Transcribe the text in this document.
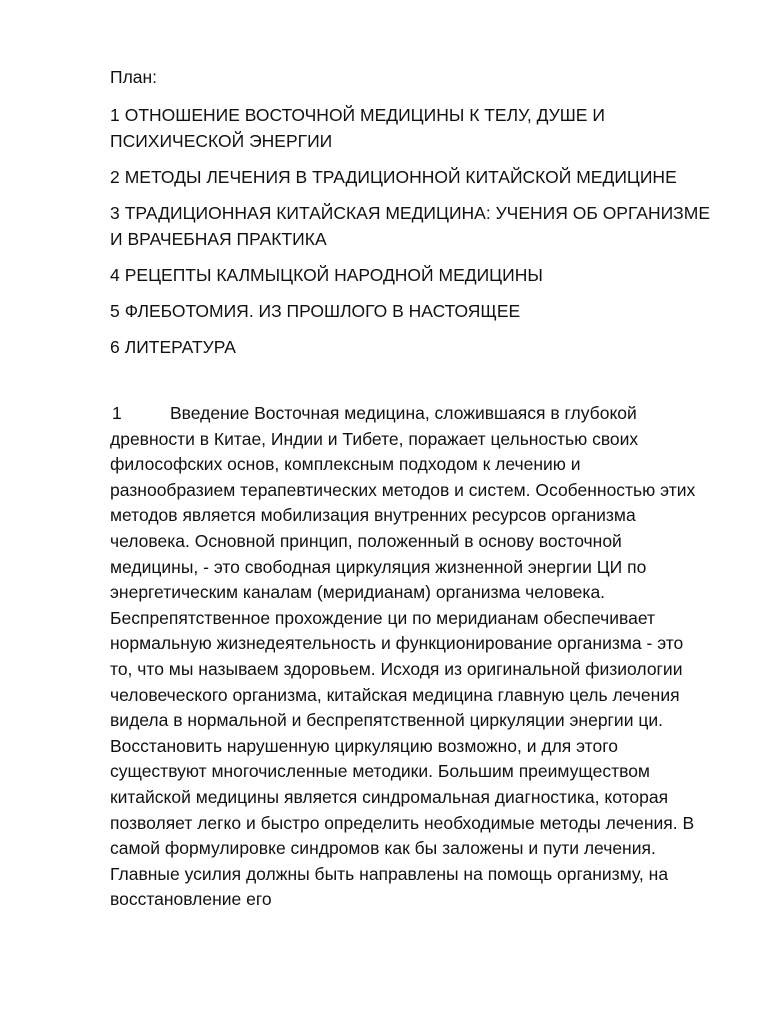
План:

1 ОТНОШЕНИЕ ВОСТОЧНОЙ МЕДИЦИНЫ К ТЕЛУ, ДУШЕ И ПСИХИЧЕСКОЙ ЭНЕРГИИ
2 МЕТОДЫ ЛЕЧЕНИЯ В ТРАДИЦИОННОЙ КИТАЙСКОЙ МЕДИЦИНЕ
3 ТРАДИЦИОННАЯ КИТАЙСКАЯ МЕДИЦИНА: УЧЕНИЯ ОБ ОРГАНИЗМЕ И ВРАЧЕБНАЯ ПРАКТИКА
4 РЕЦЕПТЫ КАЛМЫЦКОЙ НАРОДНОЙ МЕДИЦИНЫ
5 ФЛЕБОТОМИЯ. ИЗ ПРОШЛОГО В НАСТОЯЩЕЕ
6 ЛИТЕРАТУРА

1	Введение Восточная медицина, сложившаяся в глубокой древности в Китае, Индии и Тибете, поражает цельностью своих философских основ, комплексным подходом к лечению и разнообразием терапевтических методов и систем. Особенностью этих методов является мобилизация внутренних ресурсов организма человека. Основной принцип, положенный в основу восточной медицины, - это свободная циркуляция жизненной энергии ЦИ по энергетическим каналам (меридианам) организма человека. Беспрепятственное прохождение ци по меридианам обеспечивает нормальную жизнедеятельность и функционирование организма - это то, что мы называем здоровьем. Исходя из оригинальной физиологии человеческого организма, китайская медицина главную цель лечения видела в нормальной и беспрепятственной циркуляции энергии ци. Восстановить нарушенную циркуляцию возможно, и для этого существуют многочисленные методики. Большим преимуществом китайской медицины является синдромальная диагностика, которая позволяет легко и быстро определить необходимые методы лечения. В самой формулировке синдромов как бы заложены и пути лечения. Главные усилия должны быть направлены на помощь организму, на восстановление его
